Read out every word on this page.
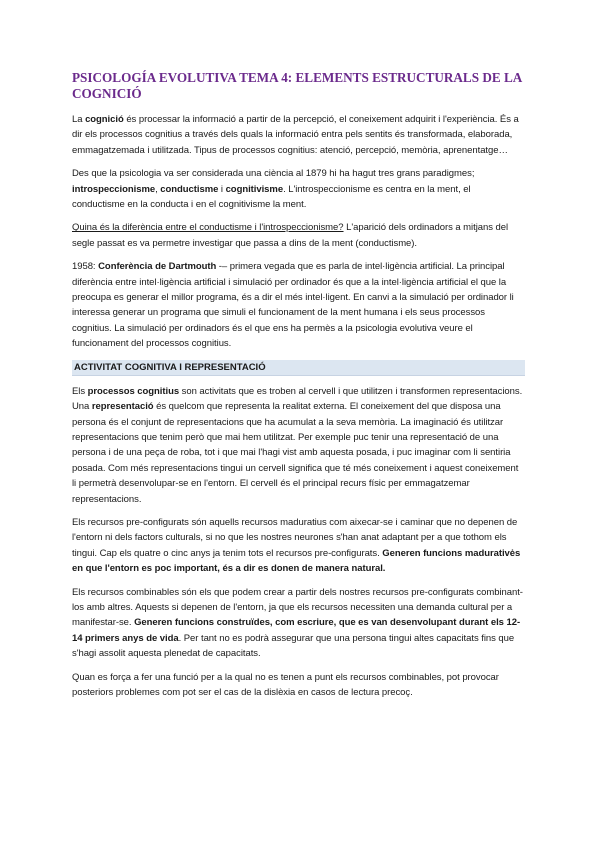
PSICOLOGÍA EVOLUTIVA TEMA 4: ELEMENTS ESTRUCTURALS DE LA COGNICIÓ

La cognició és processar la informació a partir de la percepció, el coneixement adquirit i l'experiència. És a dir els processos cognitius a través dels quals la informació entra pels sentits és transformada, elaborada, emmagatzemada i utilitzada. Tipus de processos cognitius: atenció, percepció, memòria, aprenentatge…

Des que la psicologia va ser considerada una ciència al 1879 hi ha hagut tres grans paradigmes; introspeccionisme, conductisme i cognitivisme. L'introspeccionisme es centra en la ment, el conductisme en la conducta i en el cognitivisme la ment.

Quina és la diferència entre el conductisme i l'introspeccionisme? L'aparició dels ordinadors a mitjans del segle passat es va permetre investigar que passa a dins de la ment (conductisme).

1958: Conferència de Dartmouth -– primera vegada que es parla de intel·ligència artificial. La principal diferència entre intel·ligència artificial i simulació per ordinador és que a la intel·ligència artificial el que la preocupa es generar el millor programa, és a dir el més intel·ligent. En canvi a la simulació per ordinador li interessa generar un programa que simuli el funcionament de la ment humana i els seus processos cognitius. La simulació per ordinadors és el que ens ha permès a la psicologia evolutiva veure el funcionament del processos cognitius.

ACTIVITAT COGNITIVA I REPRESENTACIÓ

Els processos cognitius son activitats que es troben al cervell i que utilitzen i transformen representacions. Una representació és quelcom que representa la realitat externa. El coneixement del que disposa una persona és el conjunt de representacions que ha acumulat a la seva memòria. La imaginació és utilitzar representacions que tenim però que mai hem utilitzat. Per exemple puc tenir una representació de una persona i de una peça de roba, tot i que mai l'hagi vist amb aquesta posada, i puc imaginar com li sentiria posada. Com més representacions tingui un cervell significa que té més coneixement i aquest coneixement li permetrà desenvolupar-se en l'entorn. El cervell és el principal recurs físic per emmagatzemar representacions.

Els recursos pre-configurats són aquells recursos maduratius com aixecar-se i caminar que no depenen de l'entorn ni dels factors culturals, si no que les nostres neurones s'han anat adaptant per a que tothom els tingui. Cap els quatre o cinc anys ja tenim tots el recursos pre-configurats. Generen funcions madurativės en que l'entorn es poc important, és a dir es donen de manera natural.

Els recursos combinables són els que podem crear a partir dels nostres recursos pre-configurats combinant-los amb altres. Aquests si depenen de l'entorn, ja que els recursos necessiten una demanda cultural per a manifestar-se. Generen funcions construïdes, com escriure, que es van desenvolupant durant els 12-14 primers anys de vida. Per tant no es podrà assegurar que una persona tingui altes capacitats fins que s'hagi assolit aquesta plenedat de capacitats.

Quan es força a fer una funció per a la qual no es tenen a punt els recursos combinables, pot provocar posteriors problemes com pot ser el cas de la dislèxia en casos de lectura precoç.
